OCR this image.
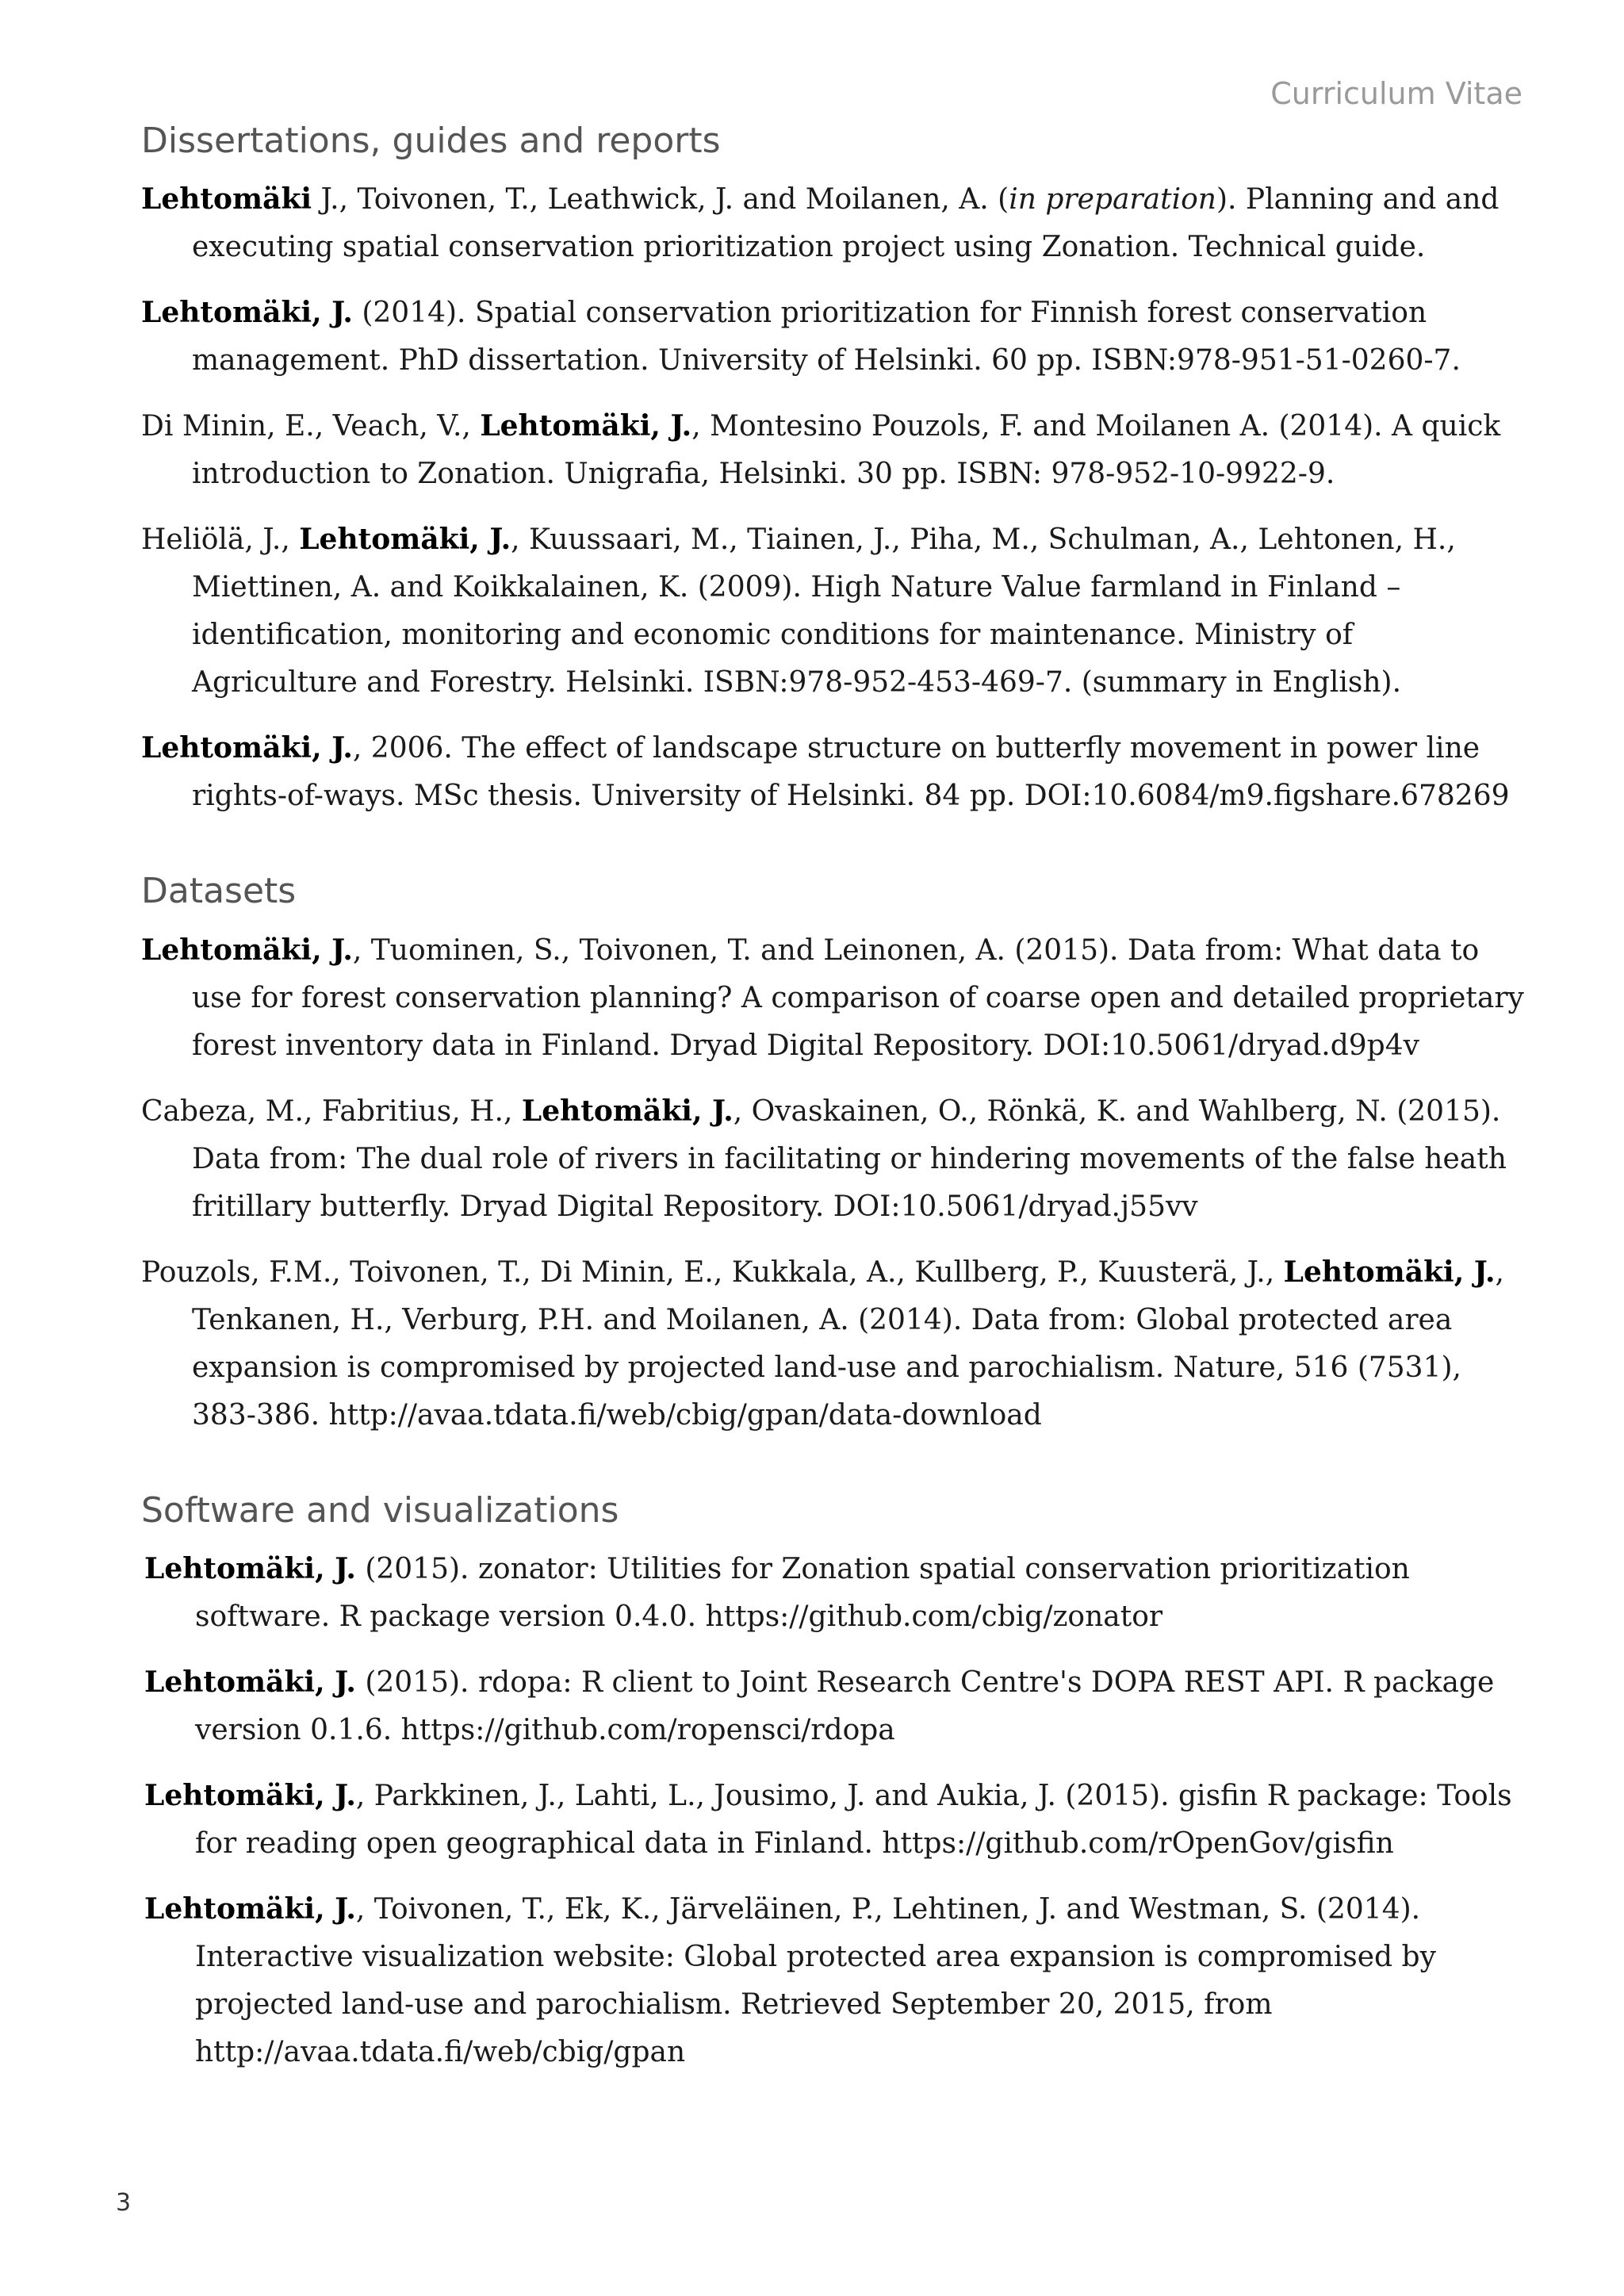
Curriculum Vitae
Dissertations, guides and reports
Lehtomäki J., Toivonen, T., Leathwick, J. and Moilanen, A. (in preparation). Planning and and executing spatial conservation prioritization project using Zonation. Technical guide.
Lehtomäki, J. (2014). Spatial conservation prioritization for Finnish forest conservation management. PhD dissertation. University of Helsinki. 60 pp. ISBN:978-951-51-0260-7.
Di Minin, E., Veach, V., Lehtomäki, J., Montesino Pouzols, F. and Moilanen A. (2014). A quick introduction to Zonation. Unigrafia, Helsinki. 30 pp. ISBN: 978-952-10-9922-9.
Heliölä, J., Lehtomäki, J., Kuussaari, M., Tiainen, J., Piha, M., Schulman, A., Lehtonen, H., Miettinen, A. and Koikkalainen, K. (2009). High Nature Value farmland in Finland – identification, monitoring and economic conditions for maintenance. Ministry of Agriculture and Forestry. Helsinki. ISBN:978-952-453-469-7. (summary in English).
Lehtomäki, J., 2006. The effect of landscape structure on butterfly movement in power line rights-of-ways. MSc thesis. University of Helsinki. 84 pp. DOI:10.6084/m9.figshare.678269
Datasets
Lehtomäki, J., Tuominen, S., Toivonen, T. and Leinonen, A. (2015). Data from: What data to use for forest conservation planning? A comparison of coarse open and detailed proprietary forest inventory data in Finland. Dryad Digital Repository. DOI:10.5061/dryad.d9p4v
Cabeza, M., Fabritius, H., Lehtomäki, J., Ovaskainen, O., Rönkä, K. and Wahlberg, N. (2015). Data from: The dual role of rivers in facilitating or hindering movements of the false heath fritillary butterfly. Dryad Digital Repository. DOI:10.5061/dryad.j55vv
Pouzols, F.M., Toivonen, T., Di Minin, E., Kukkala, A., Kullberg, P., Kuusterä, J., Lehtomäki, J., Tenkanen, H., Verburg, P.H. and Moilanen, A. (2014). Data from: Global protected area expansion is compromised by projected land-use and parochialism. Nature, 516 (7531), 383-386. http://avaa.tdata.fi/web/cbig/gpan/data-download
Software and visualizations
Lehtomäki, J. (2015). zonator: Utilities for Zonation spatial conservation prioritization software. R package version 0.4.0. https://github.com/cbig/zonator
Lehtomäki, J. (2015). rdopa: R client to Joint Research Centre's DOPA REST API. R package version 0.1.6. https://github.com/ropensci/rdopa
Lehtomäki, J., Parkkinen, J., Lahti, L., Jousimo, J. and Aukia, J. (2015). gisfin R package: Tools for reading open geographical data in Finland. https://github.com/rOpenGov/gisfin
Lehtomäki, J., Toivonen, T., Ek, K., Järveläinen, P., Lehtinen, J. and Westman, S. (2014). Interactive visualization website: Global protected area expansion is compromised by projected land-use and parochialism. Retrieved September 20, 2015, from http://avaa.tdata.fi/web/cbig/gpan
3
